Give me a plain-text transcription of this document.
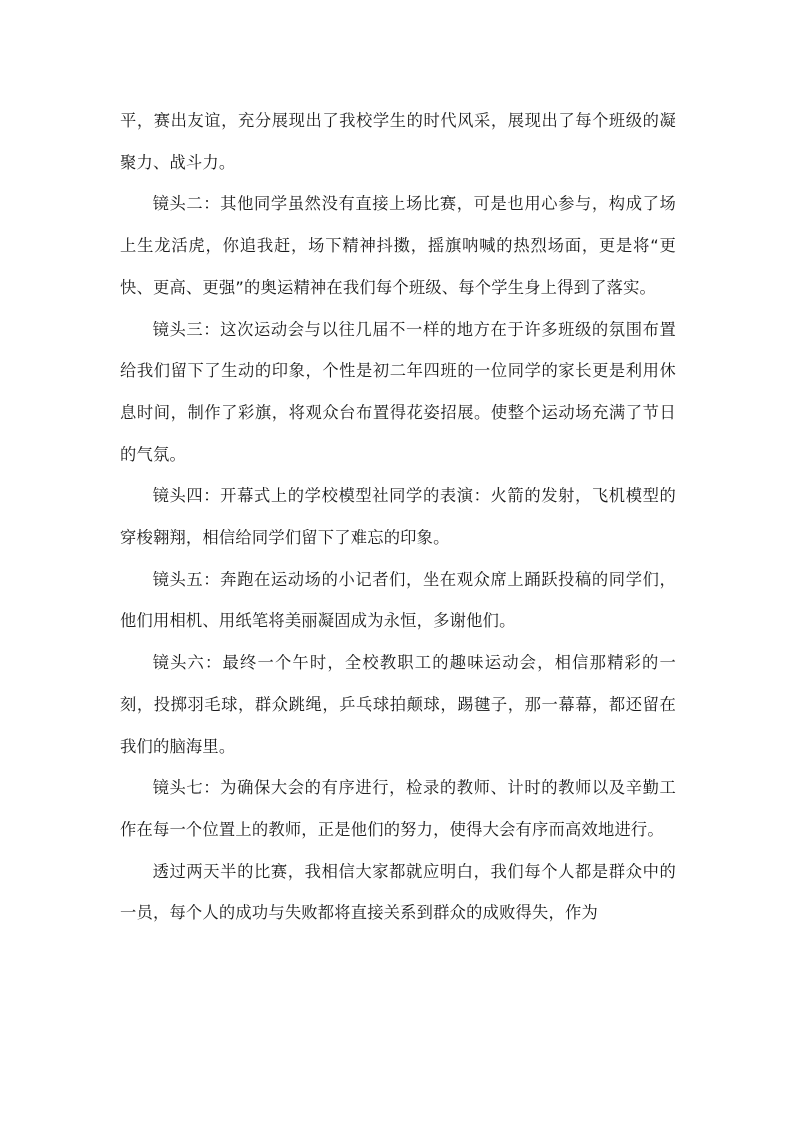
平，赛出友谊，充分展现出了我校学生的时代风采，展现出了每个班级的凝聚力、战斗力。

镜头二：其他同学虽然没有直接上场比赛，可是也用心参与，构成了场上生龙活虎，你追我赶，场下精神抖擞，摇旗呐喊的热烈场面，更是将“更快、更高、更强”的奥运精神在我们每个班级、每个学生身上得到了落实。

镜头三：这次运动会与以往几届不一样的地方在于许多班级的氛围布置给我们留下了生动的印象，个性是初二年四班的一位同学的家长更是利用休息时间，制作了彩旗，将观众台布置得花姿招展。使整个运动场充满了节日的气氛。

镜头四：开幕式上的学校模型社同学的表演：火箭的发射，飞机模型的穿梭翱翔，相信给同学们留下了难忘的印象。

镜头五：奔跑在运动场的小记者们，坐在观众席上踊跃投稿的同学们，他们用相机、用纸笔将美丽凝固成为永恒，多谢他们。

镜头六：最终一个午时，全校教职工的趣味运动会，相信那精彩的一刻，投掷羽毛球，群众跳绳，乒乓球拍颠球，踢毽子，那一幕幕，都还留在我们的脑海里。

镜头七：为确保大会的有序进行，检录的教师、计时的教师以及辛勤工作在每一个位置上的教师，正是他们的努力，使得大会有序而高效地进行。

透过两天半的比赛，我相信大家都就应明白，我们每个人都是群众中的一员，每个人的成功与失败都将直接关系到群众的成败得失，作为
